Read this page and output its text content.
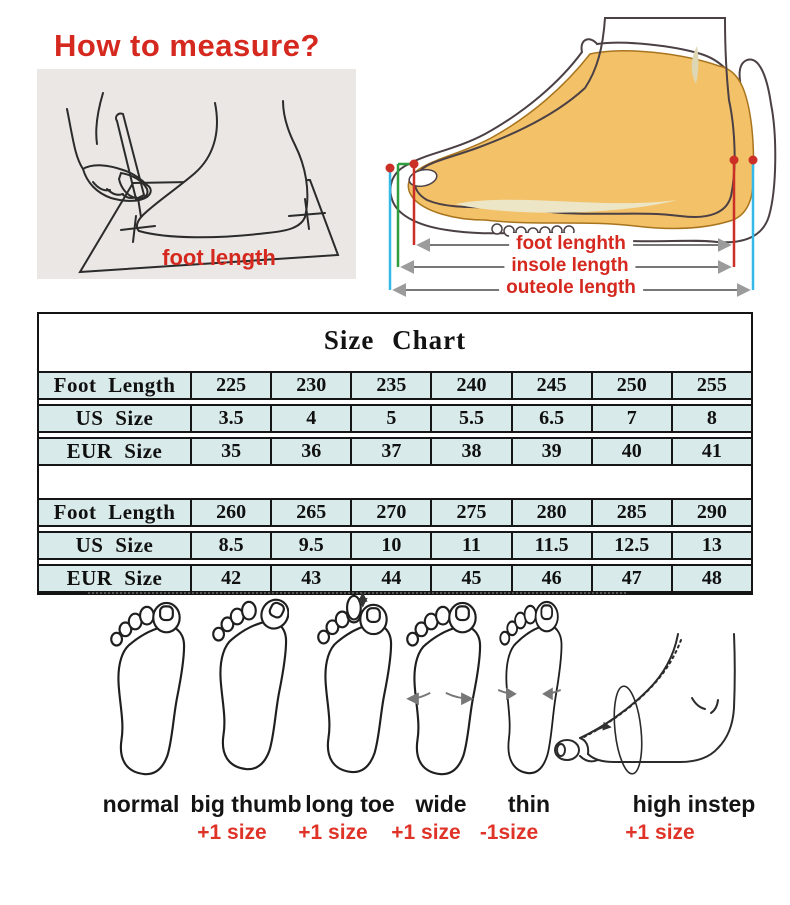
How to measure?
foot length
foot lenghth
insole length
outeole length
Size Chart
Foot Length	225	230	235	240	245	250	255
US Size	3.5	4	5	5.5	6.5	7	8
EUR Size	35	36	37	38	39	40	41
Foot Length	260	265	270	275	280	285	290
US Size	8.5	9.5	10	11	11.5	12.5	13
EUR Size	42	43	44	45	46	47	48
normal big thumb long toe wide thin	high instep
+1 size +1 size +1 size -1size	+1 size
